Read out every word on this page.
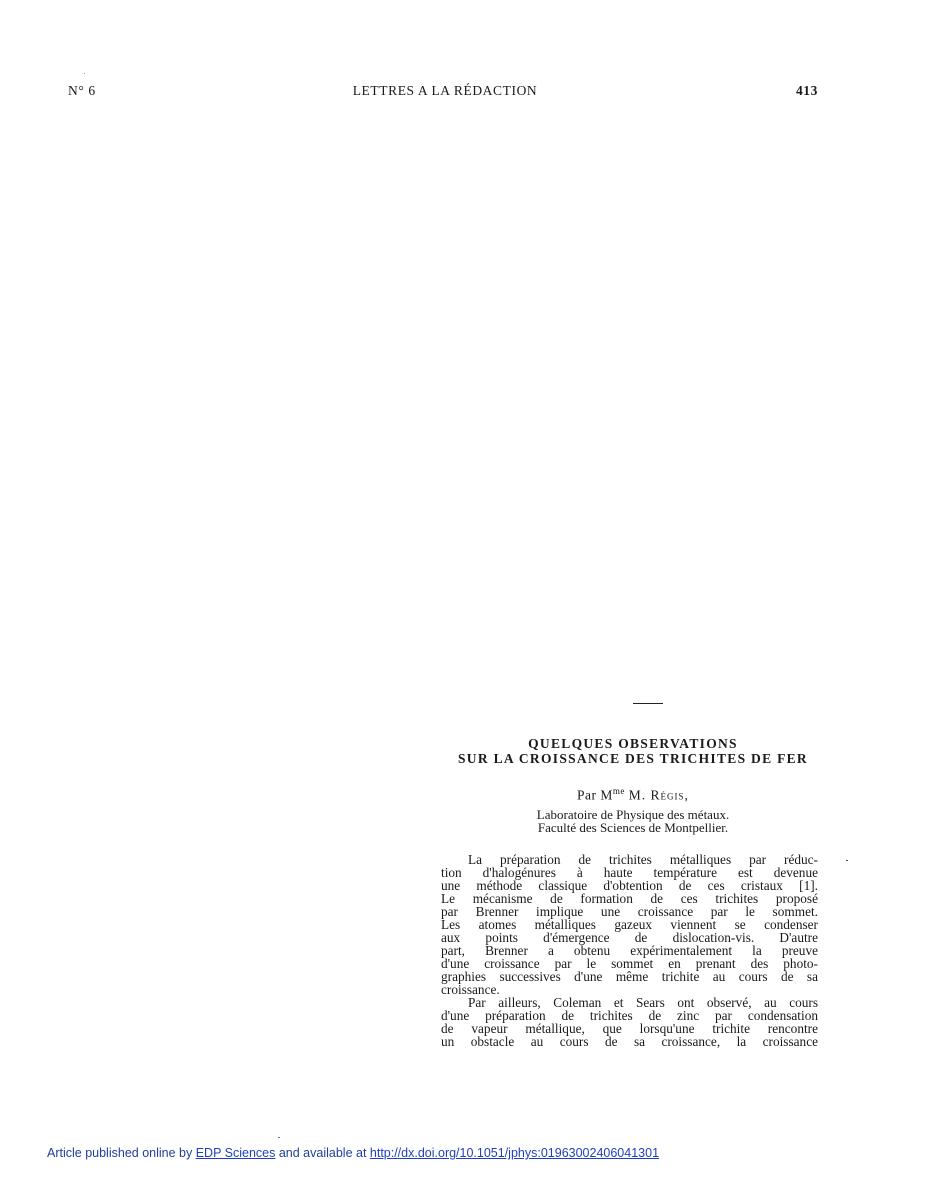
N° 6	LETTRES A LA RÉDACTION	413
QUELQUES OBSERVATIONS
SUR LA CROISSANCE DES TRICHITES DE FER
Par $M^{me}$ M. Régis,
Laboratoire de Physique des métaux.
Faculté des Sciences de Montpellier.
La préparation de trichites métalliques par réduc-
tion d'halogénures à haute température est devenue
une méthode classique d'obtention de ces cristaux [1].
Le mécanisme de formation de ces trichites proposé
par Brenner implique une croissance par le sommet.
Les atomes métalliques gazeux viennent se condenser
aux points d'émergence de dislocation-vis. D'autre
part, Brenner a obtenu expérimentalement la preuve
d'une croissance par le sommet en prenant des photo-
graphies successives d'une même trichite au cours de sa
croissance.
Par ailleurs, Coleman et Sears ont observé, au cours
d'une préparation de trichites de zinc par condensation
de vapeur métallique, que lorsqu'une trichite rencontre
un obstacle au cours de sa croissance, la croissance
Article published online by EDP Sciences and available at http://dx.doi.org/10.1051/jphys:01963002406041301
